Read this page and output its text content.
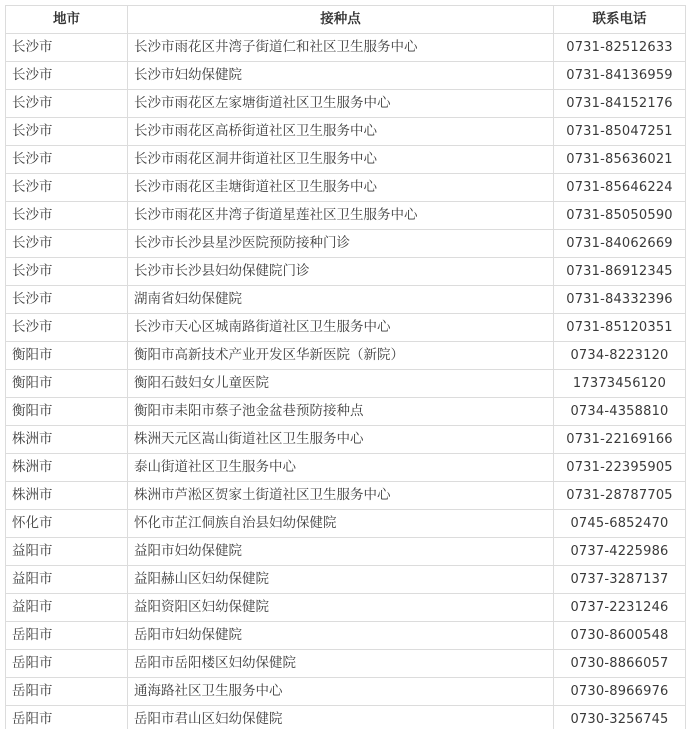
地市	接种点	联系电话
长沙市	长沙市雨花区井湾子街道仁和社区卫生服务中心	0731-82512633
长沙市	长沙市妇幼保健院	0731-84136959
长沙市	长沙市雨花区左家塘街道社区卫生服务中心	0731-84152176
长沙市	长沙市雨花区高桥街道社区卫生服务中心	0731-85047251
长沙市	长沙市雨花区洞井街道社区卫生服务中心	0731-85636021
长沙市	长沙市雨花区圭塘街道社区卫生服务中心	0731-85646224
长沙市	长沙市雨花区井湾子街道星莲社区卫生服务中心	0731-85050590
长沙市	长沙市长沙县星沙医院预防接种门诊	0731-84062669
长沙市	长沙市长沙县妇幼保健院门诊	0731-86912345
长沙市	湖南省妇幼保健院	0731-84332396
长沙市	长沙市天心区城南路街道社区卫生服务中心	0731-85120351
衡阳市	衡阳市高新技术产业开发区华新医院（新院）	0734-8223120
衡阳市	衡阳石鼓妇女儿童医院	17373456120
衡阳市	衡阳市耒阳市蔡子池金盆巷预防接种点	0734-4358810
株洲市	株洲天元区嵩山街道社区卫生服务中心	0731-22169166
株洲市	泰山街道社区卫生服务中心	0731-22395905
株洲市	株洲市芦淞区贺家土街道社区卫生服务中心	0731-28787705
怀化市	怀化市芷江侗族自治县妇幼保健院	0745-6852470
益阳市	益阳市妇幼保健院	0737-4225986
益阳市	益阳赫山区妇幼保健院	0737-3287137
益阳市	益阳资阳区妇幼保健院	0737-2231246
岳阳市	岳阳市妇幼保健院	0730-8600548
岳阳市	岳阳市岳阳楼区妇幼保健院	0730-8866057
岳阳市	通海路社区卫生服务中心	0730-8966976
岳阳市	岳阳市君山区妇幼保健院	0730-3256745
